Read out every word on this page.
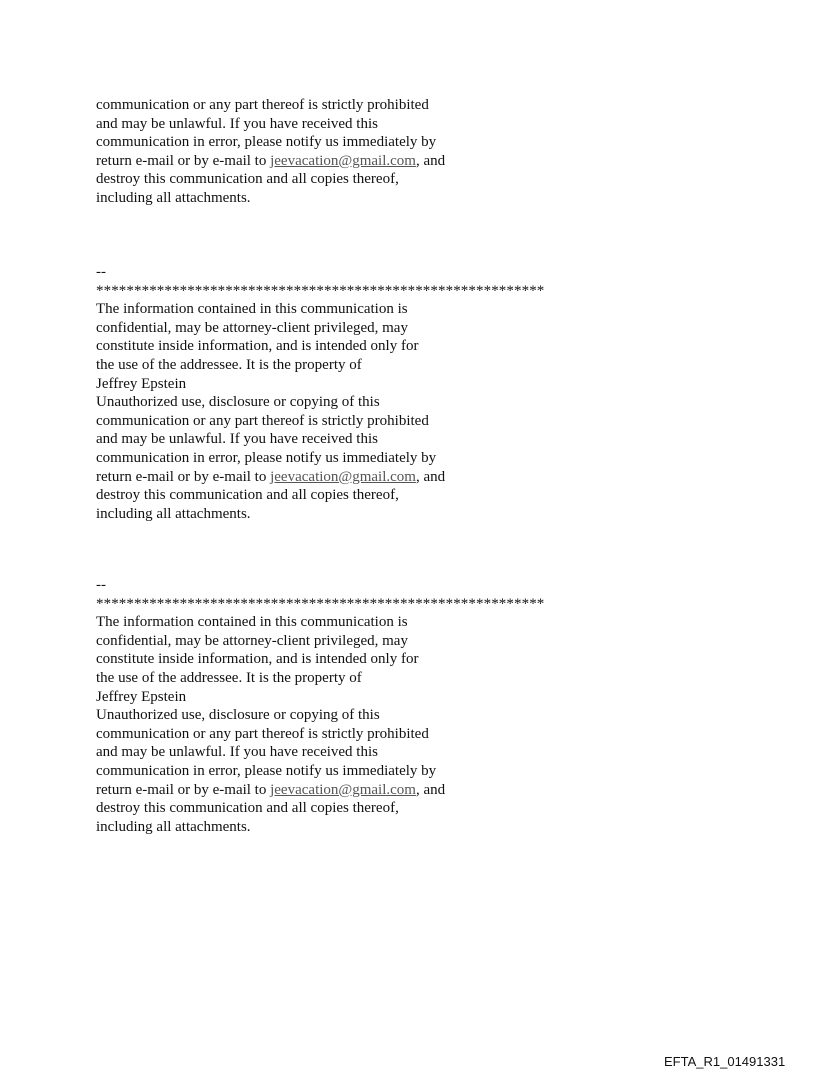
communication or any part thereof is strictly prohibited
and may be unlawful. If you have received this
communication in error, please notify us immediately by
return e-mail or by e-mail to jeevacation@gmail.com, and
destroy this communication and all copies thereof,
including all attachments.
--
***********************************************************
The information contained in this communication is
confidential, may be attorney-client privileged, may
constitute inside information, and is intended only for
the use of the addressee. It is the property of
Jeffrey Epstein
Unauthorized use, disclosure or copying of this
communication or any part thereof is strictly prohibited
and may be unlawful. If you have received this
communication in error, please notify us immediately by
return e-mail or by e-mail to jeevacation@gmail.com, and
destroy this communication and all copies thereof,
including all attachments.
--
***********************************************************
The information contained in this communication is
confidential, may be attorney-client privileged, may
constitute inside information, and is intended only for
the use of the addressee. It is the property of
Jeffrey Epstein
Unauthorized use, disclosure or copying of this
communication or any part thereof is strictly prohibited
and may be unlawful. If you have received this
communication in error, please notify us immediately by
return e-mail or by e-mail to jeevacation@gmail.com, and
destroy this communication and all copies thereof,
including all attachments.
EFTA_R1_01491331
